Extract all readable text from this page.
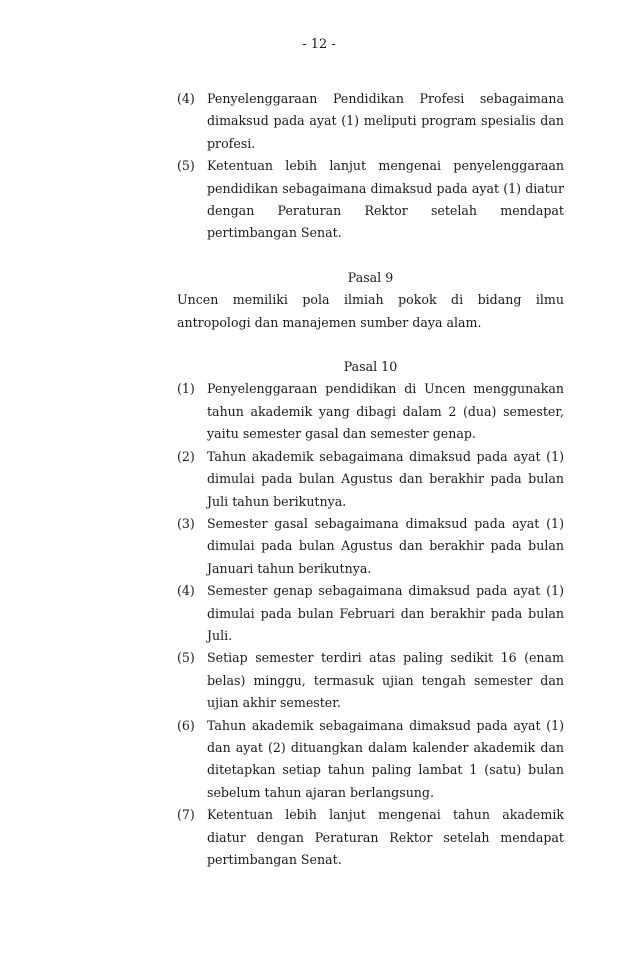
- 12 -
(4) Penyelenggaraan Pendidikan Profesi sebagaimana dimaksud pada ayat (1) meliputi program spesialis dan profesi.
(5) Ketentuan lebih lanjut mengenai penyelenggaraan pendidikan sebagaimana dimaksud pada ayat (1) diatur dengan Peraturan Rektor setelah mendapat pertimbangan Senat.
Pasal 9
Uncen memiliki pola ilmiah pokok di bidang ilmu antropologi dan manajemen sumber daya alam.
Pasal 10
(1) Penyelenggaraan pendidikan di Uncen menggunakan tahun akademik yang dibagi dalam 2 (dua) semester, yaitu semester gasal dan semester genap.
(2) Tahun akademik sebagaimana dimaksud pada ayat (1) dimulai pada bulan Agustus dan berakhir pada bulan Juli tahun berikutnya.
(3) Semester gasal sebagaimana dimaksud pada ayat (1) dimulai pada bulan Agustus dan berakhir pada bulan Januari tahun berikutnya.
(4) Semester genap sebagaimana dimaksud pada ayat (1) dimulai pada bulan Februari dan berakhir pada bulan Juli.
(5) Setiap semester terdiri atas paling sedikit 16 (enam belas) minggu, termasuk ujian tengah semester dan ujian akhir semester.
(6) Tahun akademik sebagaimana dimaksud pada ayat (1) dan ayat (2) dituangkan dalam kalender akademik dan ditetapkan setiap tahun paling lambat 1 (satu) bulan sebelum tahun ajaran berlangsung.
(7) Ketentuan lebih lanjut mengenai tahun akademik diatur dengan Peraturan Rektor setelah mendapat pertimbangan Senat.
